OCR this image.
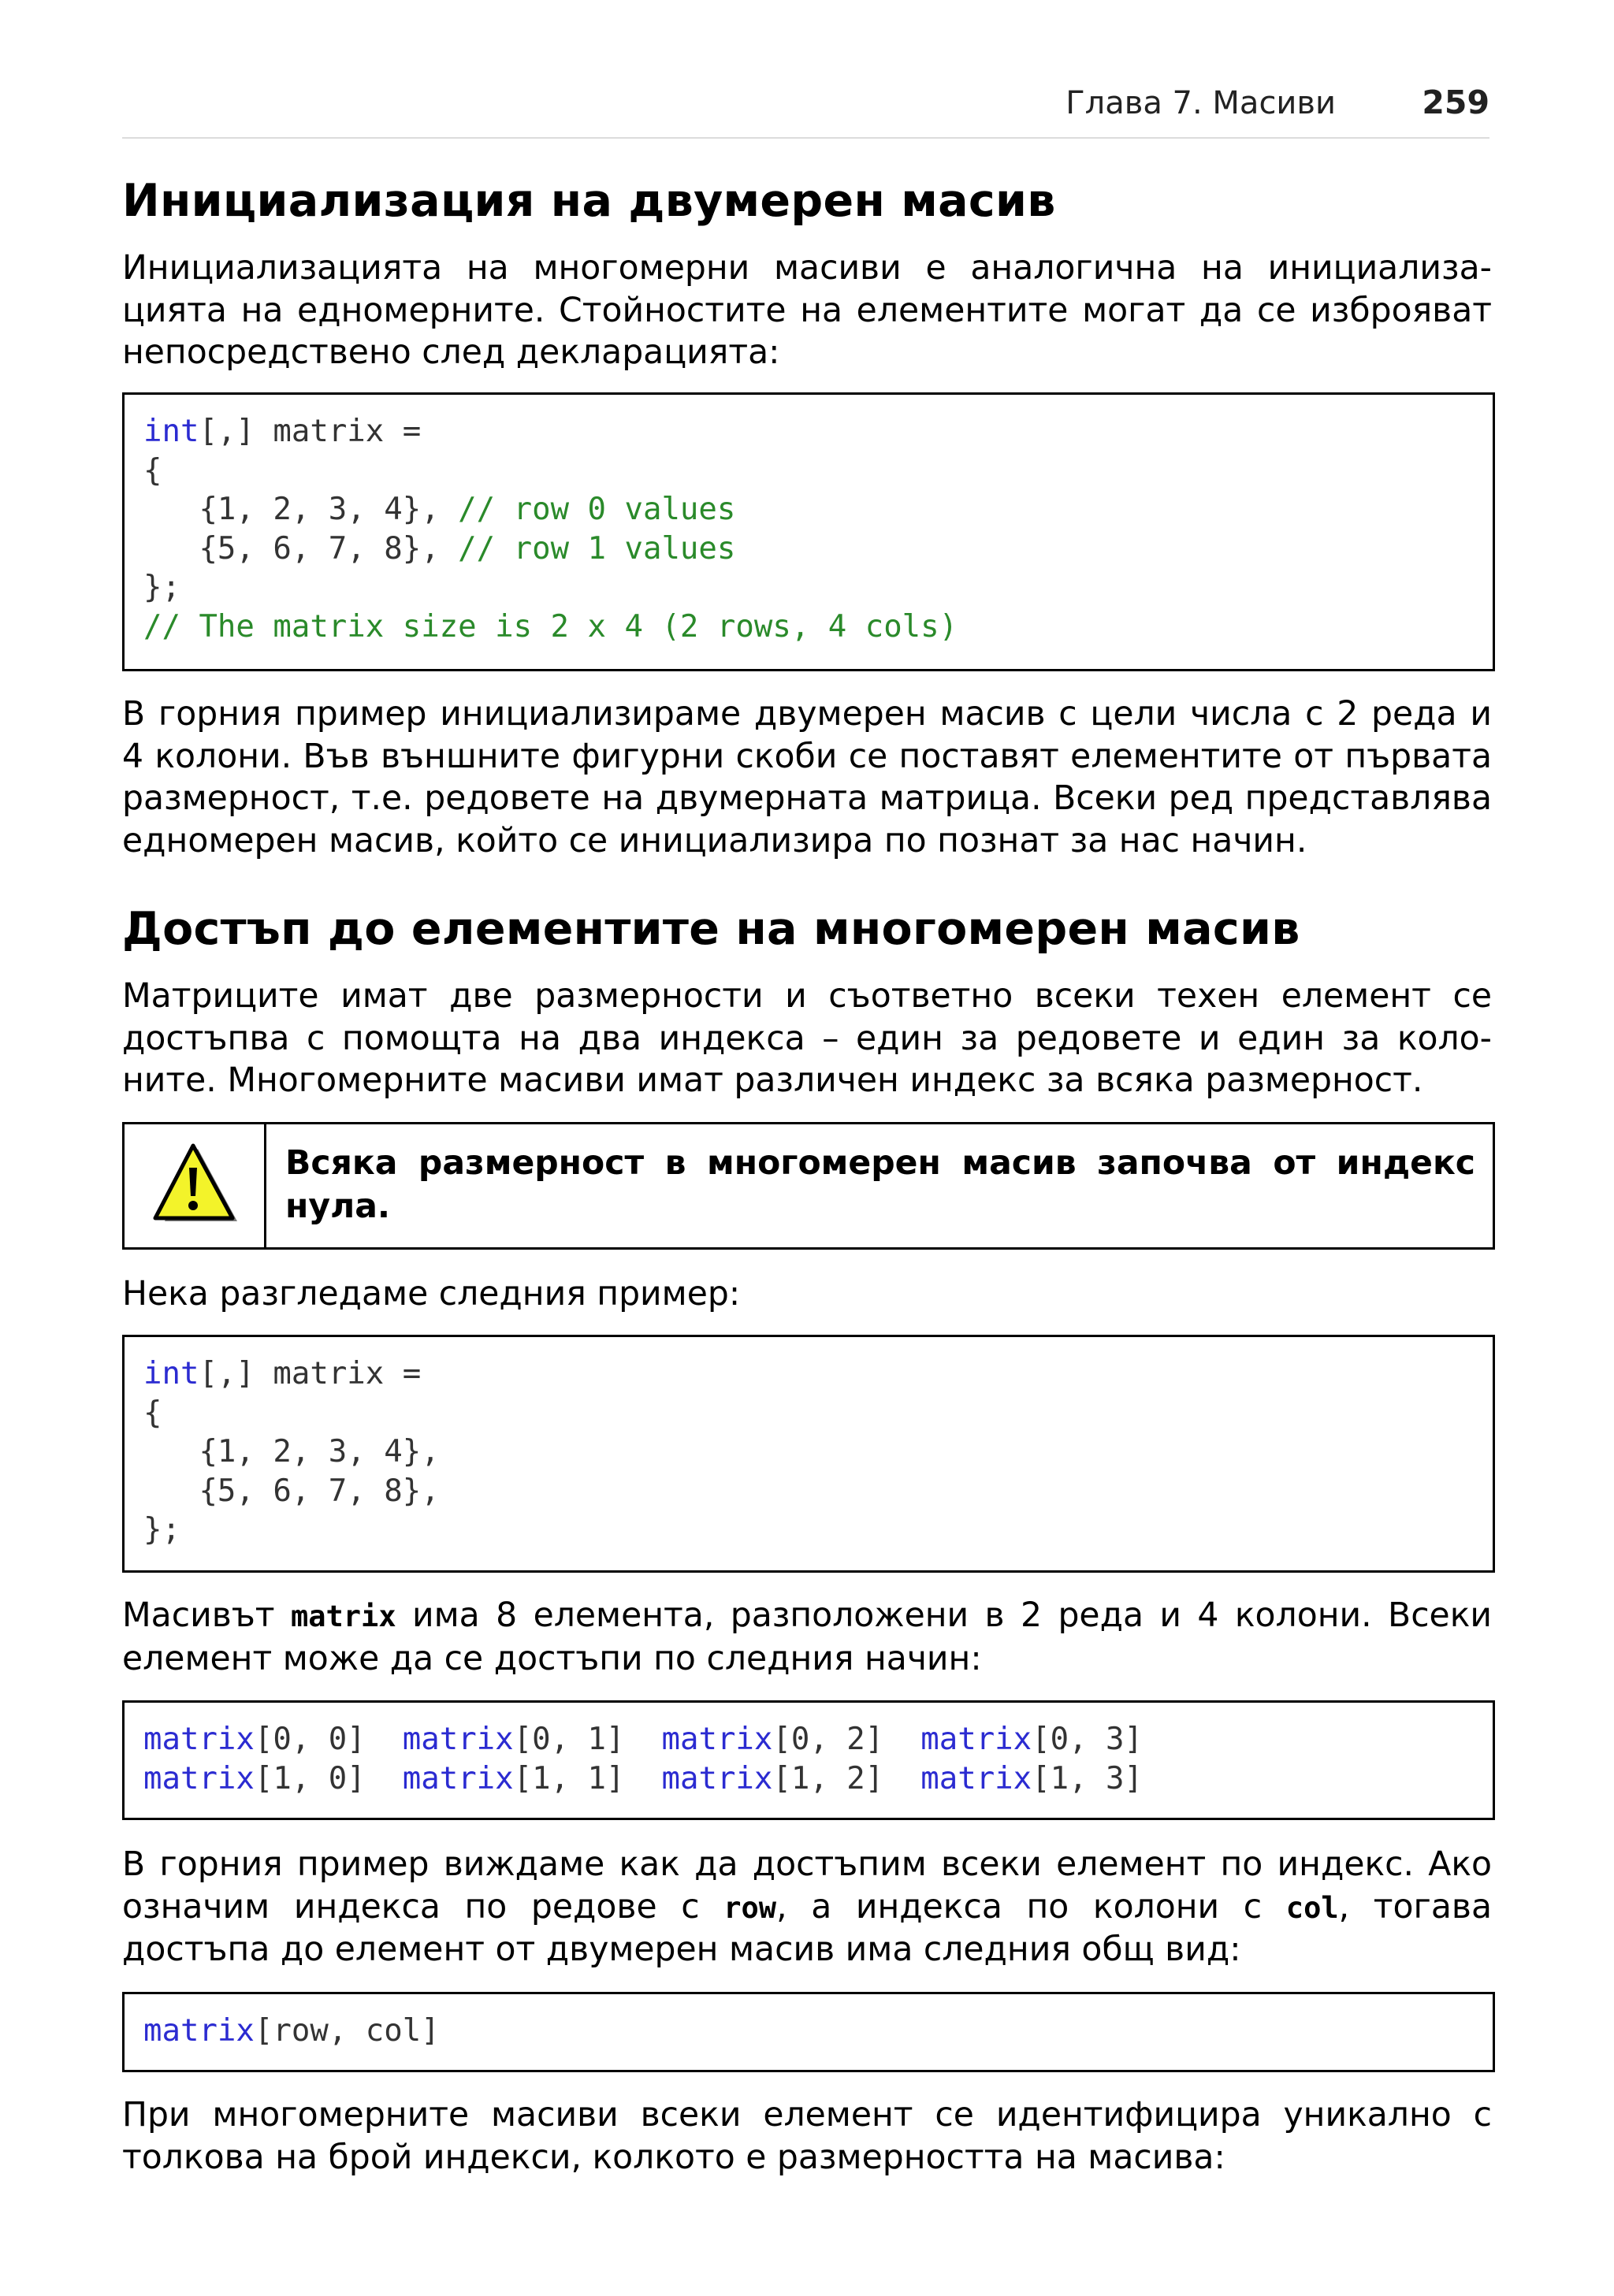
Глава 7. Масиви	259
Инициализация на двумерен масив

Инициализацията на многомерни масиви е аналогична на инициализа-

цията на едномерните. Стойностите на елементите могат да се изброяват

непосредствено след декларацията:

int[,] matrix =
{
{1, 2, 3, 4}, // row 0 values
{5, 6, 7, 8}, // row 1 values
};
// The matrix size is 2 x 4 (2 rows, 4 cols)

В горния пример инициализираме двумерен масив с цели числа с 2 реда и

4 колони. Във външните фигурни скоби се поставят елементите от първата

размерност, т.е. редовете на двумерната матрица. Всеки ред представлява

едномерен масив, който се инициализира по познат за нас начин.

Достъп до елементите на многомерен масив

Матриците имат две размерности и съответно всеки техен елемент се

достъпва с помощта на два индекса – един за редовете и един за коло-

ните. Многомерните масиви имат различен индекс за всяка размерност.

Всяка размерност в многомерен масив започва от индекс
нула.

Нека разгледаме следния пример:

int[,] matrix =
{
{1, 2, 3, 4},
{5, 6, 7, 8},
};

Масивът matrix има 8 елемента, разположени в 2 реда и 4 колони. Всеки

елемент може да се достъпи по следния начин:

matrix[0, 0] matrix[0, 1] matrix[0, 2] matrix[0, 3]
matrix[1, 0] matrix[1, 1] matrix[1, 2] matrix[1, 3]

В горния пример виждаме как да достъпим всеки елемент по индекс. Ако

означим индекса по редове с row, а индекса по колони с col, тогава

достъпа до елемент от двумерен масив има следния общ вид:

matrix[row, col]

При многомерните масиви всеки елемент се идентифицира уникално с

толкова на брой индекси, колкото е размерността на масива:
